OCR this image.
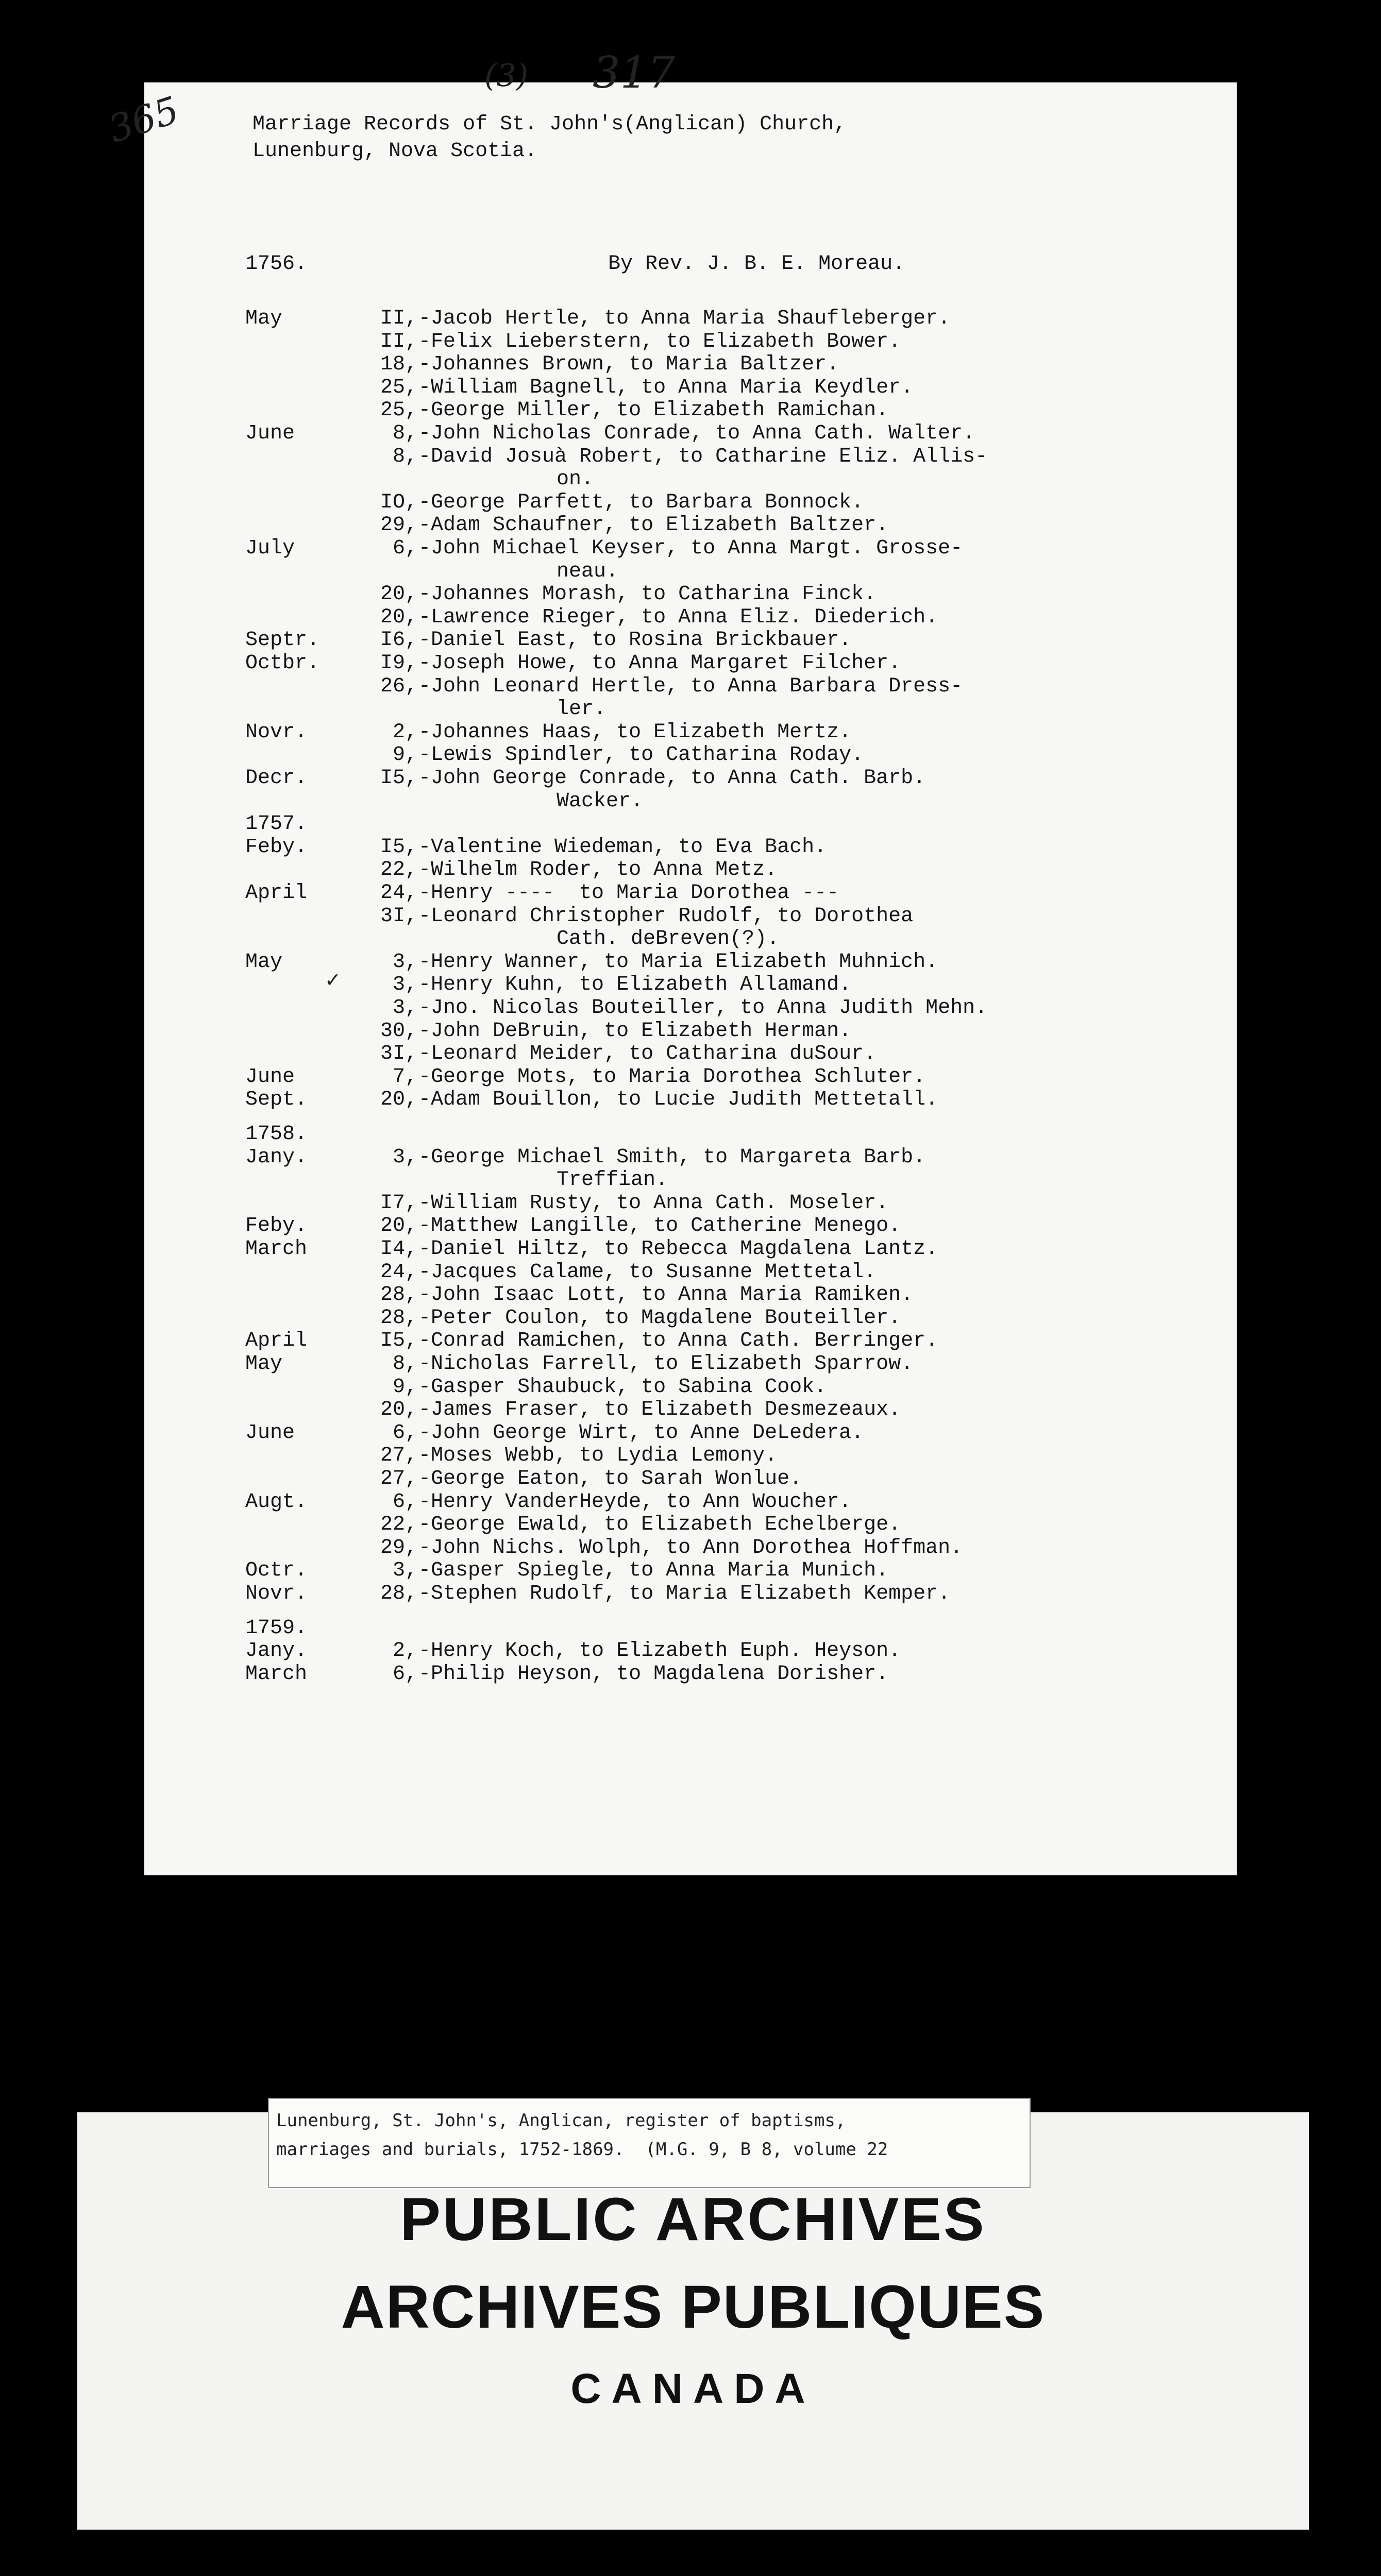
365
(3) 317
Marriage Records of St. John's(Anglican) Church,
Lunenburg, Nova Scotia.
1756.	By Rev. J. B. E. Moreau.
May	II, -Jacob Hertle, to Anna Maria Shaufleberger.
II, -Felix Lieberstern, to Elizabeth Bower.
18, -Johannes Brown, to Maria Baltzer.
25, -William Bagnell, to Anna Maria Keydler.
25, -George Miller, to Elizabeth Ramichan.
June	8, -John Nicholas Conrade, to Anna Cath. Walter.
8, -David Josuà Robert, to Catharine Eliz. Allis-
on.
IO, -George Parfett, to Barbara Bonnock.
29, -Adam Schaufner, to Elizabeth Baltzer.
July	6, -John Michael Keyser, to Anna Margt. Grosse-
neau.
20, -Johannes Morash, to Catharina Finck.
20, -Lawrence Rieger, to Anna Eliz. Diederich.
Septr.	I6, -Daniel East, to Rosina Brickbauer.
Octbr.	I9, -Joseph Howe, to Anna Margaret Filcher.
26, -John Leonard Hertle, to Anna Barbara Dress-
ler.
Novr.	2, -Johannes Haas, to Elizabeth Mertz.
9, -Lewis Spindler, to Catharina Roday.
Decr.	I5, -John George Conrade, to Anna Cath. Barb.
Wacker.
1757.
Feby.	I5, -Valentine Wiedeman, to Eva Bach.
22, -Wilhelm Roder, to Anna Metz.
April	24, -Henry ----  to Maria Dorothea ---
3I, -Leonard Christopher Rudolf, to Dorothea
Cath. deBreven(?).
May	3, -Henry Wanner, to Maria Elizabeth Muhnich.
3, -Henry Kuhn, to Elizabeth Allamand.
3, -Jno. Nicolas Bouteiller, to Anna Judith Mehn.
30, -John DeBruin, to Elizabeth Herman.
3I, -Leonard Meider, to Catharina duSour.
June	7, -George Mots, to Maria Dorothea Schluter.
Sept.	20, -Adam Bouillon, to Lucie Judith Mettetall.
1758.
Jany.	3, -George Michael Smith, to Margareta Barb.
Treffian.
I7, -William Rusty, to Anna Cath. Moseler.
Feby.	20, -Matthew Langille, to Catherine Menego.
March	I4, -Daniel Hiltz, to Rebecca Magdalena Lantz.
24, -Jacques Calame, to Susanne Mettetal.
28, -John Isaac Lott, to Anna Maria Ramiken.
28, -Peter Coulon, to Magdalene Bouteiller.
April	I5, -Conrad Ramichen, to Anna Cath. Berringer.
May	8, -Nicholas Farrell, to Elizabeth Sparrow.
9, -Gasper Shaubuck, to Sabina Cook.
20, -James Fraser, to Elizabeth Desmezeaux.
June	6, -John George Wirt, to Anne DeLedera.
27, -Moses Webb, to Lydia Lemony.
27, -George Eaton, to Sarah Wonlue.
Augt.	6, -Henry VanderHeyde, to Ann Woucher.
22, -George Ewald, to Elizabeth Echelberge.
29, -John Nichs. Wolph, to Ann Dorothea Hoffman.
Octr.	3, -Gasper Spiegle, to Anna Maria Munich.
Novr.	28, -Stephen Rudolf, to Maria Elizabeth Kemper.
1759.
Jany.	2, -Henry Koch, to Elizabeth Euph. Heyson.
March	6, -Philip Heyson, to Magdalena Dorisher.
✓
Lunenburg, St. John's, Anglican, register of baptisms,
marriages and burials, 1752-1869.  (M.G. 9, B 8, volume 22
PUBLIC ARCHIVES
ARCHIVES PUBLIQUES
CANADA
